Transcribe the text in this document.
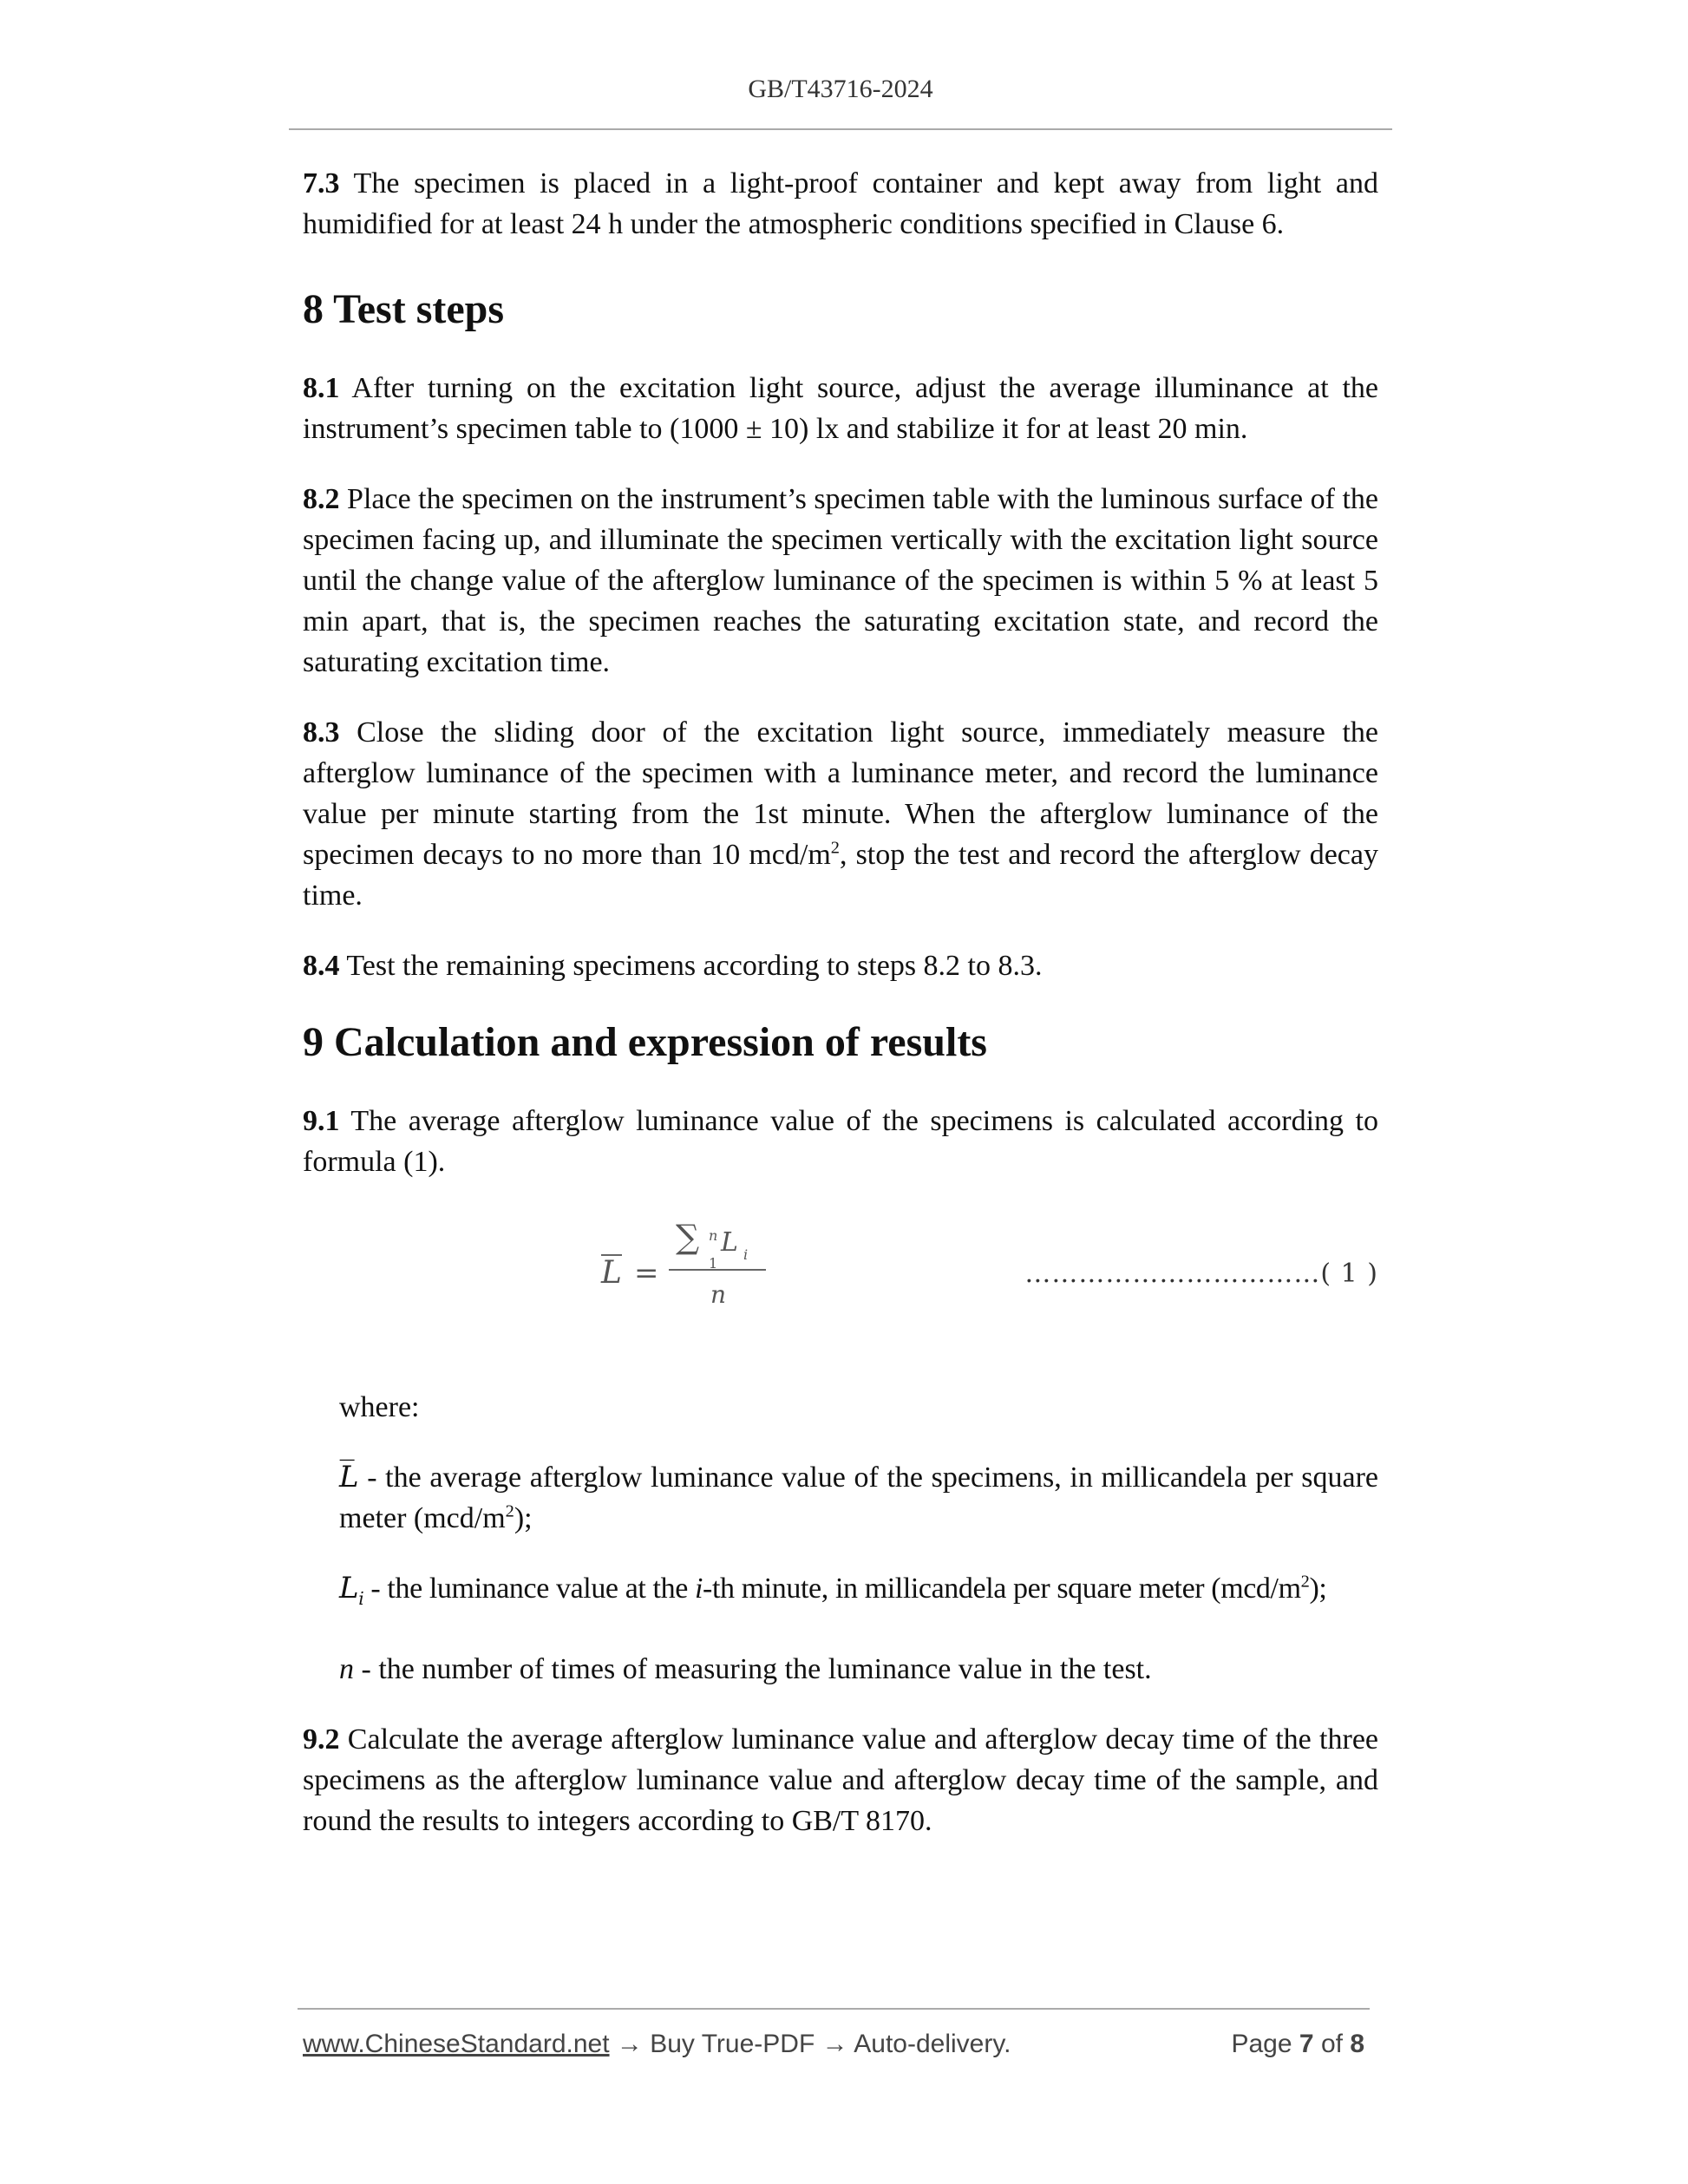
GB/T43716-2024

7.3 The specimen is placed in a light-proof container and kept away from light and humidified for at least 24 h under the atmospheric conditions specified in Clause 6.

8 Test steps

8.1 After turning on the excitation light source, adjust the average illuminance at the instrument’s specimen table to (1000 ± 10) lx and stabilize it for at least 20 min.

8.2 Place the specimen on the instrument’s specimen table with the luminous surface of the specimen facing up, and illuminate the specimen vertically with the excitation light source until the change value of the afterglow luminance of the specimen is within 5 % at least 5 min apart, that is, the specimen reaches the saturating excitation state, and record the saturating excitation time.

8.3 Close the sliding door of the excitation light source, immediately measure the afterglow luminance of the specimen with a luminance meter, and record the luminance value per minute starting from the 1st minute. When the afterglow luminance of the specimen decays to no more than 10 mcd/$m^2$, stop the test and record the afterglow decay time.

8.4 Test the remaining specimens according to steps 8.2 to 8.3.

9 Calculation and expression of results

9.1 The average afterglow luminance value of the specimens is calculated according to formula (1).

L =
∑ n
1
L i
n
……………………………( 1 )

where:

L̅ - the average afterglow luminance value of the specimens, in millicandela per square meter $(mcd/m^2)$;

$L_i$ - the luminance value at the i-th minute, in millicandela per square meter $(mcd/m^2)$;

n - the number of times of measuring the luminance value in the test.

9.2 Calculate the average afterglow luminance value and afterglow decay time of the three specimens as the afterglow luminance value and afterglow decay time of the sample, and round the results to integers according to GB/T 8170.

www.ChineseStandard.net → Buy True-PDF → Auto-delivery.	Page 7 of 8
